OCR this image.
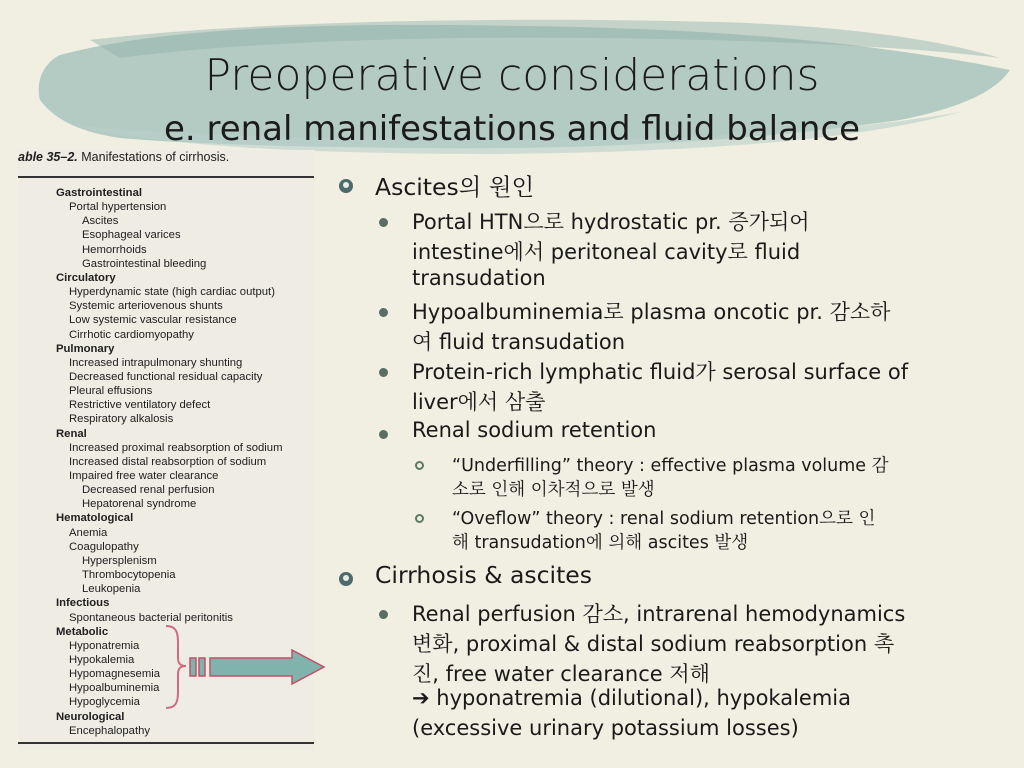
Preoperative considerations
e. renal manifestations and fluid balance
able 35–2. Manifestations of cirrhosis.
Gastrointestinal
Portal hypertension
Ascites
Esophageal varices
Hemorrhoids
Gastrointestinal bleeding
Circulatory
Hyperdynamic state (high cardiac output)
Systemic arteriovenous shunts
Low systemic vascular resistance
Cirrhotic cardiomyopathy
Pulmonary
Increased intrapulmonary shunting
Decreased functional residual capacity
Pleural effusions
Restrictive ventilatory defect
Respiratory alkalosis
Renal
Increased proximal reabsorption of sodium
Increased distal reabsorption of sodium
Impaired free water clearance
Decreased renal perfusion
Hepatorenal syndrome
Hematological
Anemia
Coagulopathy
Hypersplenism
Thrombocytopenia
Leukopenia
Infectious
Spontaneous bacterial peritonitis
Metabolic
Hyponatremia
Hypokalemia
Hypomagnesemia
Hypoalbuminemia
Hypoglycemia
Neurological
Encephalopathy
Ascites의 원인
Portal HTN으로 hydrostatic pr. 증가되어
intestine에서 peritoneal cavity로 fluid
transudation
Hypoalbuminemia로 plasma oncotic pr. 감소하
여 fluid transudation
Protein-rich lymphatic fluid가 serosal surface of
liver에서 삼출
Renal sodium retention
“Underfilling” theory : effective plasma volume 감
소로 인해 이차적으로 발생
“Oveflow” theory : renal sodium retention으로 인
해 transudation에 의해 ascites 발생
Cirrhosis & ascites
Renal perfusion 감소, intrarenal hemodynamics
변화, proximal & distal sodium reabsorption 촉
진, free water clearance 저해
➔ hyponatremia (dilutional), hypokalemia
(excessive urinary potassium losses)
